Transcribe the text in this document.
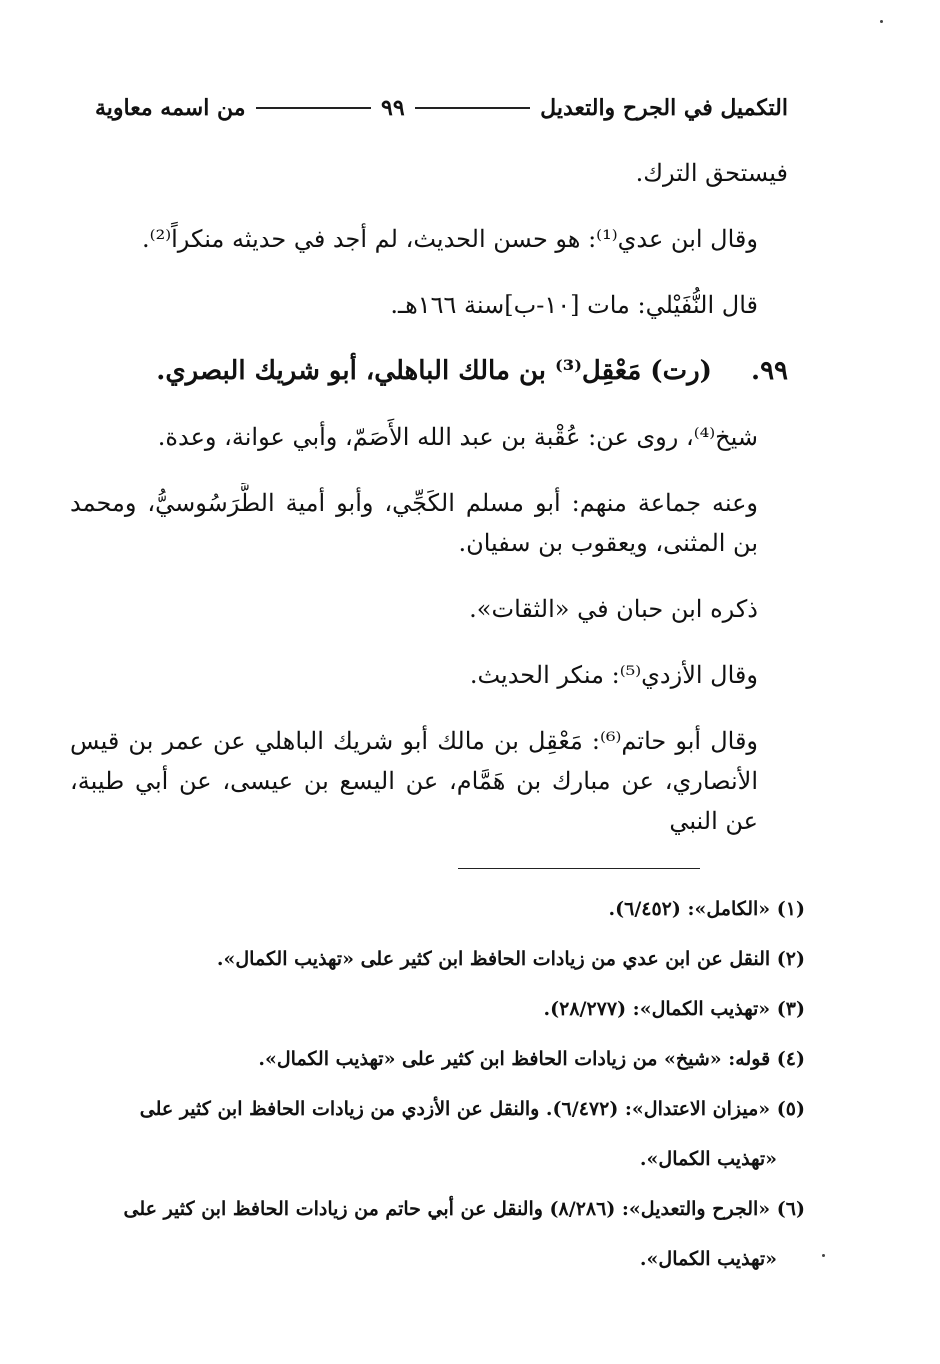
التكميل في الجرح والتعديل
٩٩
من اسمه معاوية

فيستحق الترك.

وقال ابن عدي⁽¹⁾: هو حسن الحديث، لم أجد في حديثه منكراً⁽²⁾.

قال النُّفَيْلي: مات [١٠-ب]سنة ١٦٦هـ.

٩٩. (رت) مَعْقِل⁽³⁾ بن مالك الباهلي، أبو شريك البصري.

شيخ⁽⁴⁾، روى عن: عُقْبة بن عبد الله الأَصَمّ، وأبي عوانة، وعدة.

وعنه جماعة منهم: أبو مسلم الكَجِّي، وأبو أمية الطَّرَسُوسيُّ، ومحمد بن المثنى، ويعقوب بن سفيان.

ذكره ابن حبان في «الثقات».

وقال الأزدي⁽⁵⁾: منكر الحديث.

وقال أبو حاتم⁽⁶⁾: مَعْقِل بن مالك أبو شريك الباهلي عن عمر بن قيس الأنصاري، عن مبارك بن هَمَّام، عن اليسع بن عيسى، عن أبي طيبة، عن النبي

(١) «الكامل»: (٦/٤٥٢).

(٢) النقل عن ابن عدي من زيادات الحافظ ابن كثير على «تهذيب الكمال».

(٣) «تهذيب الكمال»: (٢٨/٢٧٧).

(٤) قوله: «شيخ» من زيادات الحافظ ابن كثير على «تهذيب الكمال».

(٥) «ميزان الاعتدال»: (٦/٤٧٢). والنقل عن الأزدي من زيادات الحافظ ابن كثير على

«تهذيب الكمال».

(٦) «الجرح والتعديل»: (٨/٢٨٦) والنقل عن أبي حاتم من زيادات الحافظ ابن كثير على

«تهذيب الكمال».
